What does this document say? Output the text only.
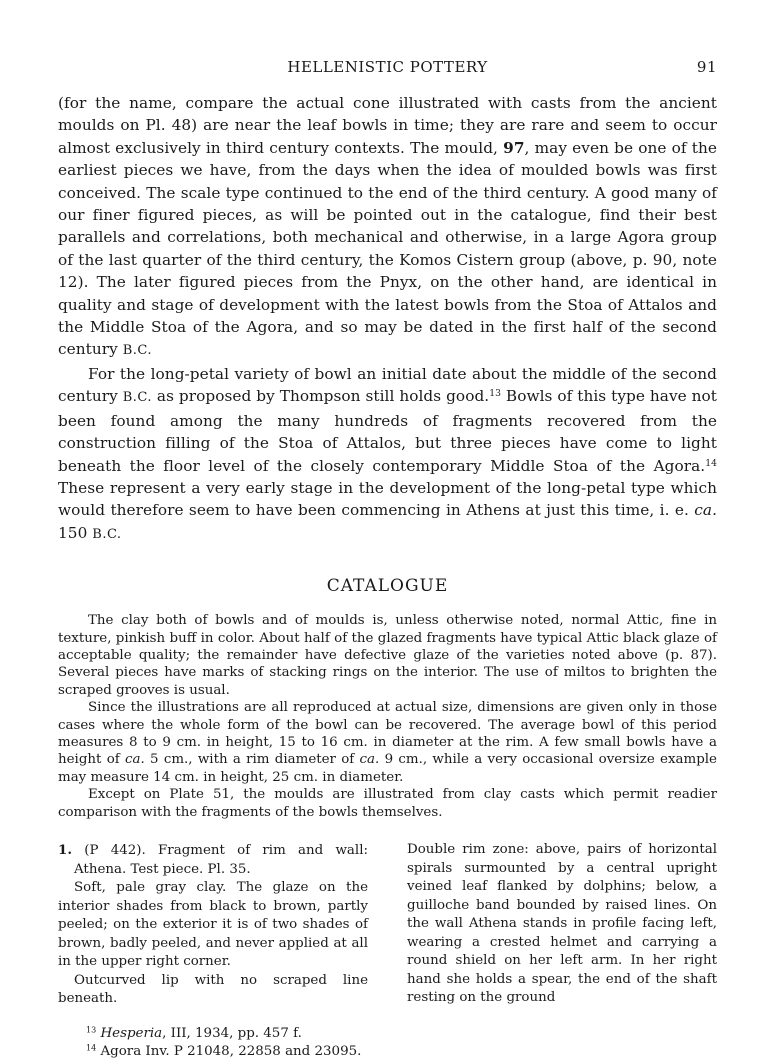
HELLENISTIC POTTERY	91

(for the name, compare the actual cone illustrated with casts from the ancient moulds on Pl. 48) are near the leaf bowls in time; they are rare and seem to occur almost exclusively in third century contexts. The mould, 97, may even be one of the earliest pieces we have, from the days when the idea of moulded bowls was first conceived. The scale type continued to the end of the third century. A good many of our finer figured pieces, as will be pointed out in the catalogue, find their best parallels and correlations, both mechanical and otherwise, in a large Agora group of the last quarter of the third century, the Komos Cistern group (above, p. 90, note 12). The later figured pieces from the Pnyx, on the other hand, are identical in quality and stage of development with the latest bowls from the Stoa of Attalos and the Middle Stoa of the Agora, and so may be dated in the first half of the second century B.C.

For the long-petal variety of bowl an initial date about the middle of the second century B.C. as proposed by Thompson still holds good.$^{13}$ Bowls of this type have not been found among the many hundreds of fragments recovered from the construction filling of the Stoa of Attalos, but three pieces have come to light beneath the floor level of the closely contemporary Middle Stoa of the Agora.$^{14}$ These represent a very early stage in the development of the long-petal type which would therefore seem to have been commencing in Athens at just this time, i. e. ca. 150 B.C.

CATALOGUE

The clay both of bowls and of moulds is, unless otherwise noted, normal Attic, fine in texture, pinkish buff in color. About half of the glazed fragments have typical Attic black glaze of acceptable quality; the remainder have defective glaze of the varieties noted above (p. 87). Several pieces have marks of stacking rings on the interior. The use of miltos to brighten the scraped grooves is usual.

Since the illustrations are all reproduced at actual size, dimensions are given only in those cases where the whole form of the bowl can be recovered. The average bowl of this period measures 8 to 9 cm. in height, 15 to 16 cm. in diameter at the rim. A few small bowls have a height of ca. 5 cm., with a rim diameter of ca. 9 cm., while a very occasional oversize example may measure 14 cm. in height, 25 cm. in diameter.

Except on Plate 51, the moulds are illustrated from clay casts which permit readier comparison with the fragments of the bowls themselves.

1. (P 442). Fragment of rim and wall: Athena. Test piece. Pl. 35.

Soft, pale gray clay. The glaze on the interior shades from black to brown, partly peeled; on the exterior it is of two shades of brown, badly peeled, and never applied at all in the upper right corner.

Outcurved lip with no scraped line beneath.

Double rim zone: above, pairs of horizontal spirals surmounted by a central upright veined leaf flanked by dolphins; below, a guilloche band bounded by raised lines. On the wall Athena stands in profile facing left, wearing a crested helmet and carrying a round shield on her left arm. In her right hand she holds a spear, the end of the shaft resting on the ground

$^{13}$ Hesperia, III, 1934, pp. 457 f.
$^{14}$ Agora Inv. P 21048, 22858 and 23095.
